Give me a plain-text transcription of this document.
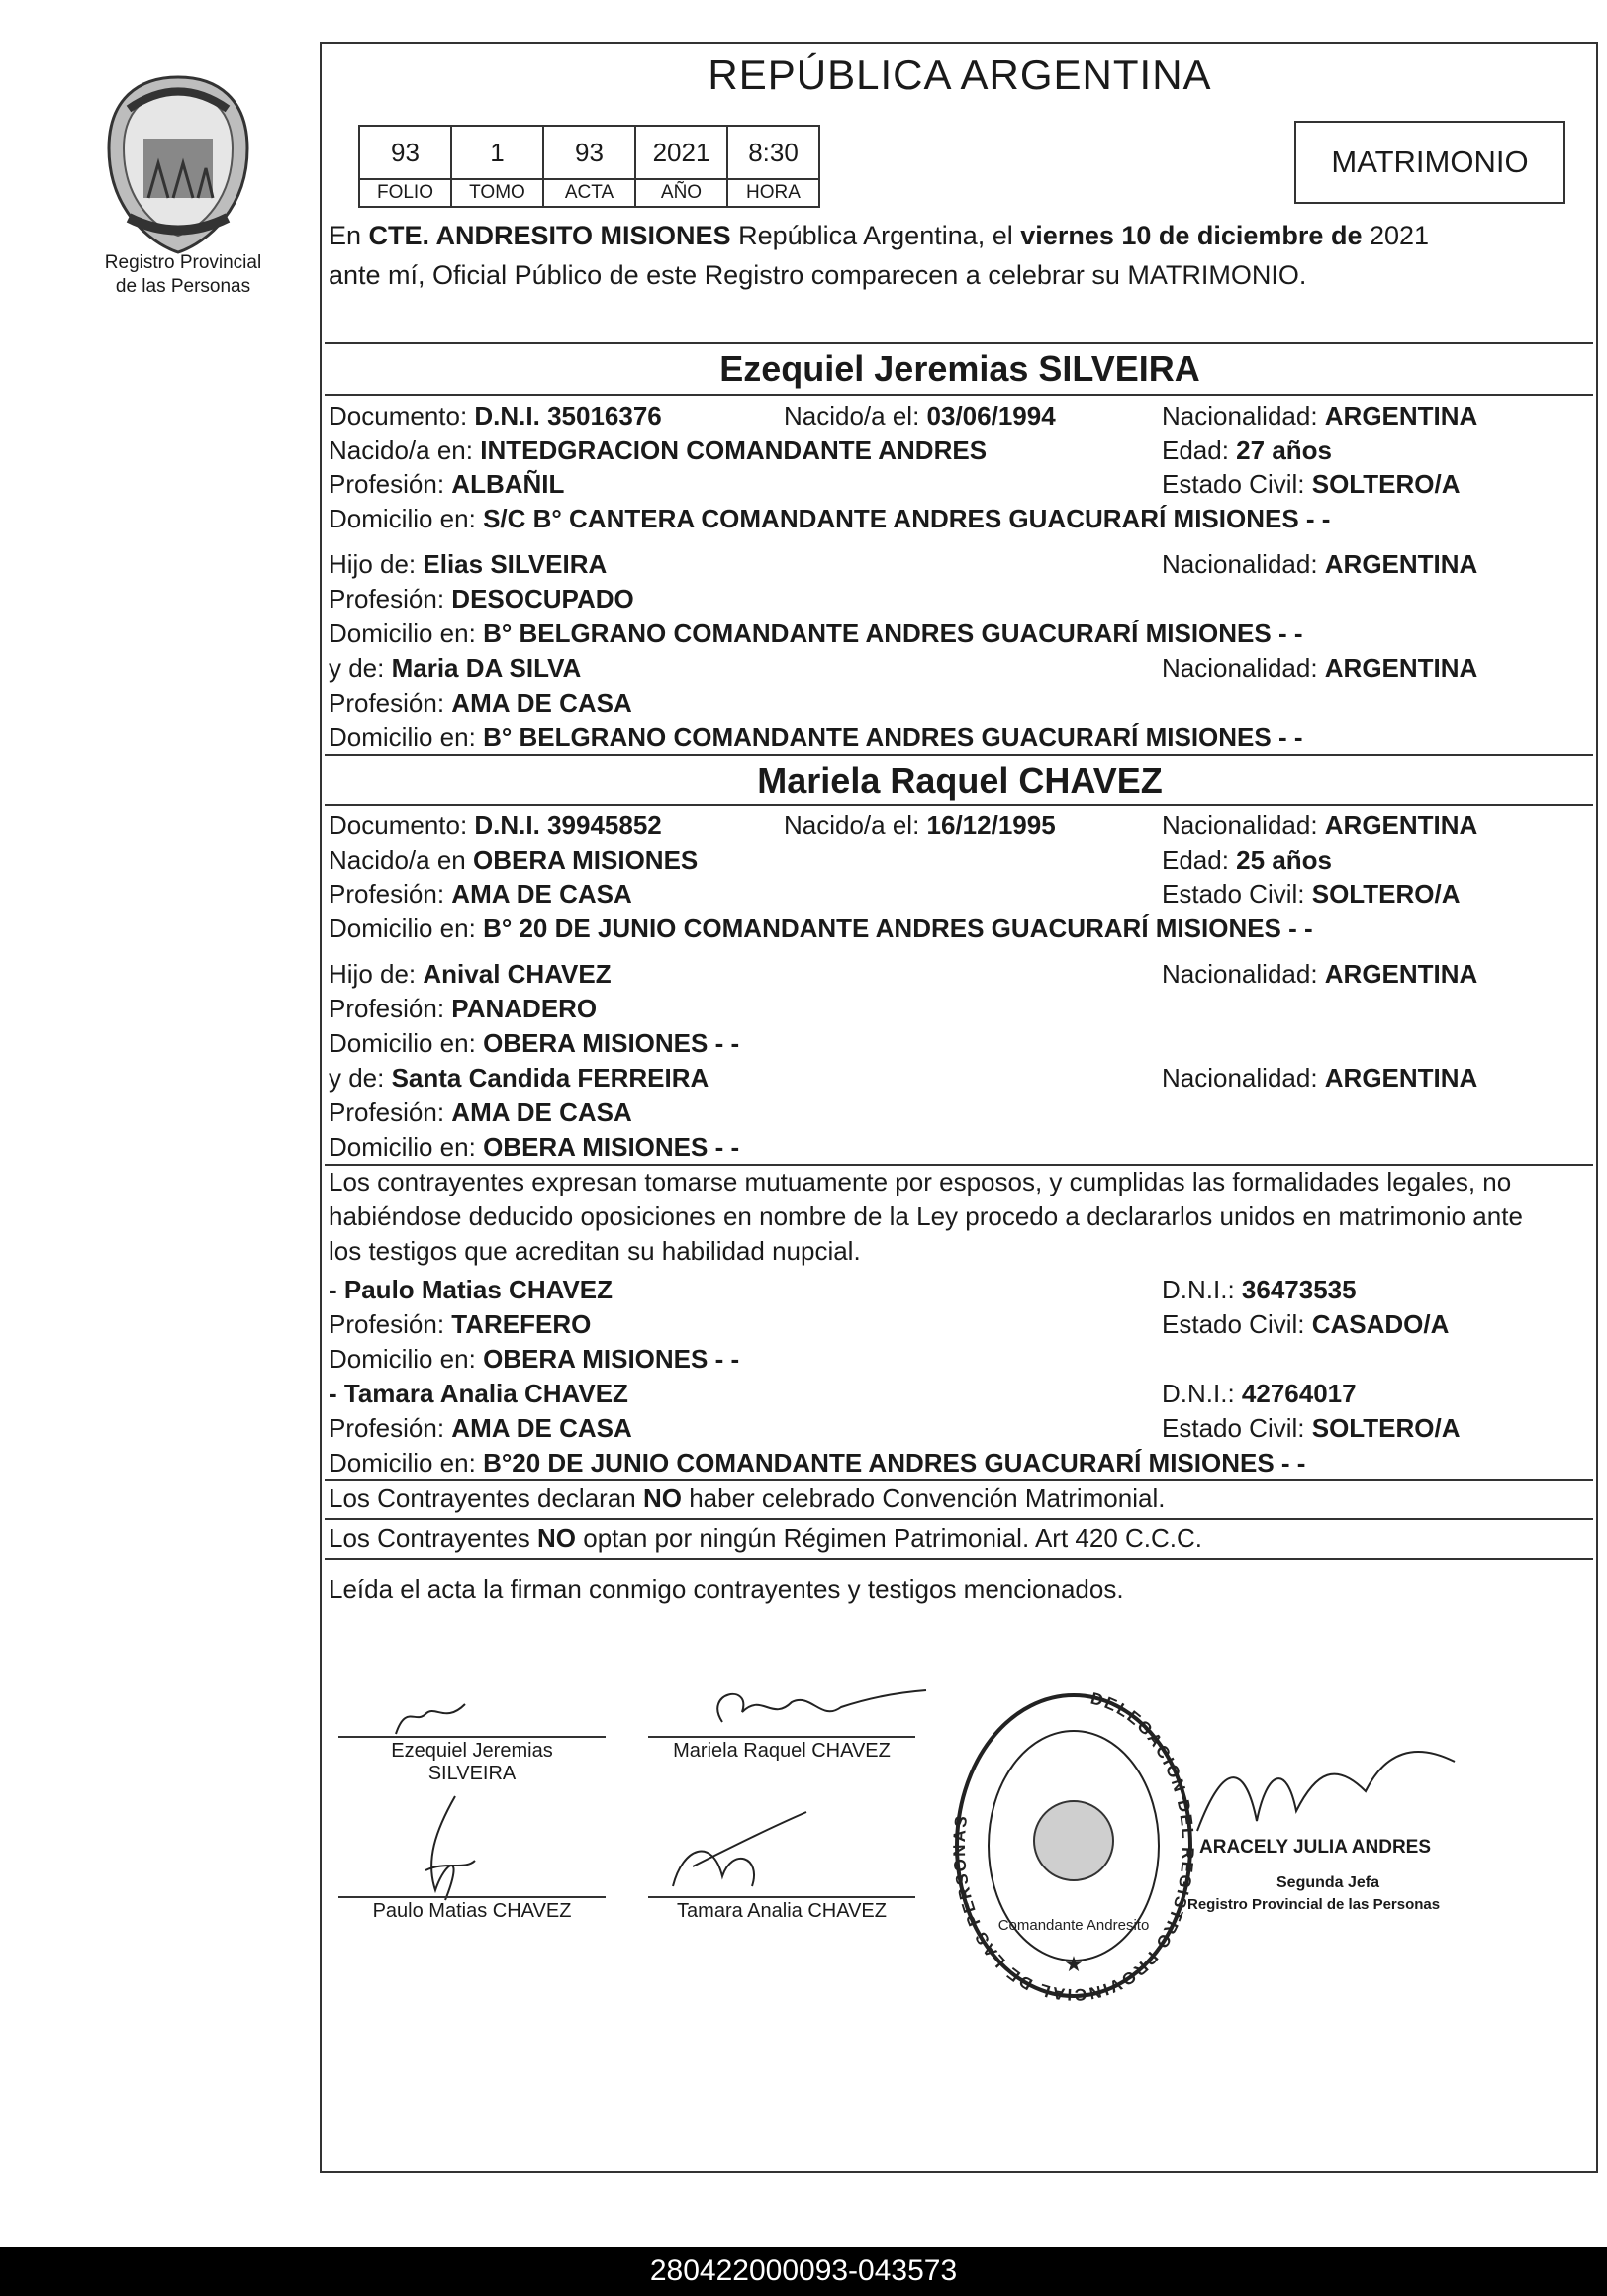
Registro Provincial
de las Personas
REPÚBLICA ARGENTINA
93	1	93	2021	8:30
FOLIO	TOMO	ACTA	AÑO	HORA
MATRIMONIO
En CTE. ANDRESITO MISIONES República Argentina, el viernes 10 de diciembre de 2021
ante mí, Oficial Público de este Registro comparecen a celebrar su MATRIMONIO.
Ezequiel Jeremias SILVEIRA
Documento: D.N.I. 35016376	Nacido/a el: 03/06/1994	Nacionalidad: ARGENTINA
Nacido/a en: INTEDGRACION COMANDANTE ANDRES	Edad: 27 años
Profesión: ALBAÑIL	Estado Civil: SOLTERO/A
Domicilio en: S/C B° CANTERA COMANDANTE ANDRES GUACURARÍ MISIONES - -
Hijo de: Elias SILVEIRA	Nacionalidad: ARGENTINA
Profesión: DESOCUPADO
Domicilio en: B° BELGRANO COMANDANTE ANDRES GUACURARÍ MISIONES - -
y de: Maria DA SILVA	Nacionalidad: ARGENTINA
Profesión: AMA DE CASA
Domicilio en: B° BELGRANO COMANDANTE ANDRES GUACURARÍ MISIONES - -
Mariela Raquel CHAVEZ
Documento: D.N.I. 39945852	Nacido/a el: 16/12/1995	Nacionalidad: ARGENTINA
Nacido/a en OBERA MISIONES	Edad: 25 años
Profesión: AMA DE CASA	Estado Civil: SOLTERO/A
Domicilio en: B° 20 DE JUNIO COMANDANTE ANDRES GUACURARÍ MISIONES - -
Hijo de: Anival CHAVEZ	Nacionalidad: ARGENTINA
Profesión: PANADERO
Domicilio en: OBERA MISIONES - -
y de: Santa Candida FERREIRA	Nacionalidad: ARGENTINA
Profesión: AMA DE CASA
Domicilio en: OBERA MISIONES - -
Los contrayentes expresan tomarse mutuamente por esposos, y cumplidas las formalidades legales, no
habiéndose deducido oposiciones en nombre de la Ley procedo a declararlos unidos en matrimonio ante
los testigos que acreditan su habilidad nupcial.
- Paulo Matias CHAVEZ	D.N.I.: 36473535
Profesión: TAREFERO	Estado Civil: CASADO/A
Domicilio en: OBERA MISIONES - -
- Tamara Analia CHAVEZ	D.N.I.: 42764017
Profesión: AMA DE CASA	Estado Civil: SOLTERO/A
Domicilio en: B°20 DE JUNIO COMANDANTE ANDRES GUACURARÍ MISIONES - -
Los Contrayentes declaran NO haber celebrado Convención Matrimonial.
Los Contrayentes NO optan por ningún Régimen Patrimonial. Art 420 C.C.C.
Leída el acta la firman conmigo contrayentes y testigos mencionados.
Ezequiel Jeremias
SILVEIRA
Mariela Raquel CHAVEZ
Paulo Matias CHAVEZ	Tamara Analia CHAVEZ
DELEGACION DEL REGISTRO PROVINCIAL DE LAS PERSONAS
Comandante Andresito
★
ARACELY JULIA ANDRES
Segunda Jefa
Registro Provincial de las Personas
280422000093-043573
